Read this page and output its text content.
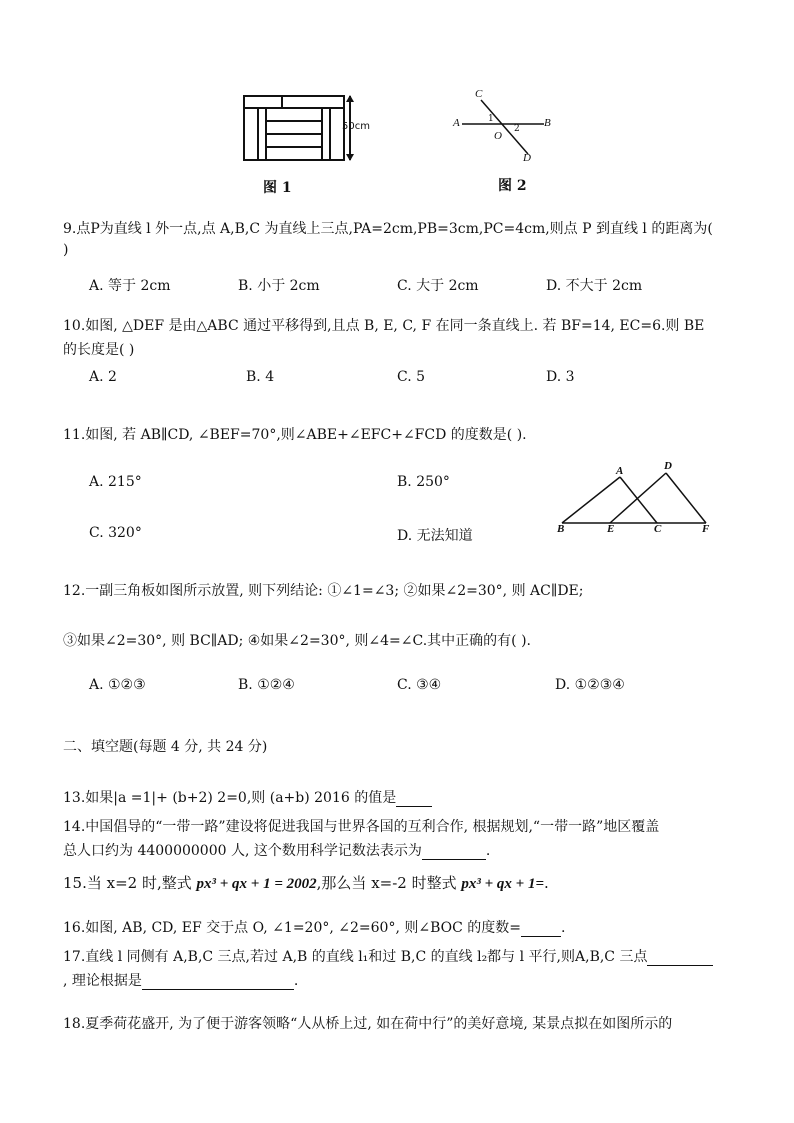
50cm
图 1
C
A	B
D
O
1
2
图 2
9.点P为直线 l 外一点,点 A,B,C 为直线上三点,PA=2cm,PB=3cm,PC=4cm,则点 P 到直线 l 的距离为(
)
A. 等于 2cm	B. 小于 2cm	C. 大于 2cm	D. 不大于 2cm
10.如图, △DEF 是由△ABC 通过平移得到,且点 B, E, C, F 在同一条直线上. 若 BF=14, EC=6.则 BE
的长度是( )
A. 2	B. 4	C. 5	D. 3
11.如图, 若 AB∥CD, ∠BEF=70°,则∠ABE+∠EFC+∠FCD 的度数是( ).
A. 215°	B. 250°
C. 320°	D. 无法知道
A	D
B	E	C	F
12.一副三角板如图所示放置, 则下列结论: ①∠1=∠3; ②如果∠2=30°, 则 AC∥DE;
③如果∠2=30°, 则 BC∥AD; ④如果∠2=30°, 则∠4=∠C.其中正确的有( ).
A. ①②③	B. ①②④	C. ③④	D. ①②③④
二、填空题(每题 4 分, 共 24 分)
13.如果|a =1|+ (b+2) 2=0,则 (a+b) 2016 的值是
14.中国倡导的“一带一路”建设将促进我国与世界各国的互利合作, 根据规划,“一带一路”地区覆盖
总人口约为 4400000000 人, 这个数用科学记数法表示为	.
15.当 x=2 时,整式 px³ + qx + 1 = 2002,那么当 x=-2 时整式 px³ + qx + 1=.
16.如图, AB, CD, EF 交于点 O, ∠1=20°, ∠2=60°, 则∠BOC 的度数=	.
17.直线 l 同侧有 A,B,C 三点,若过 A,B 的直线 l₁和过 B,C 的直线 l₂都与 l 平行,则A,B,C 三点
, 理论根据是	.
18.夏季荷花盛开, 为了便于游客领略“人从桥上过, 如在荷中行”的美好意境, 某景点拟在如图所示的
